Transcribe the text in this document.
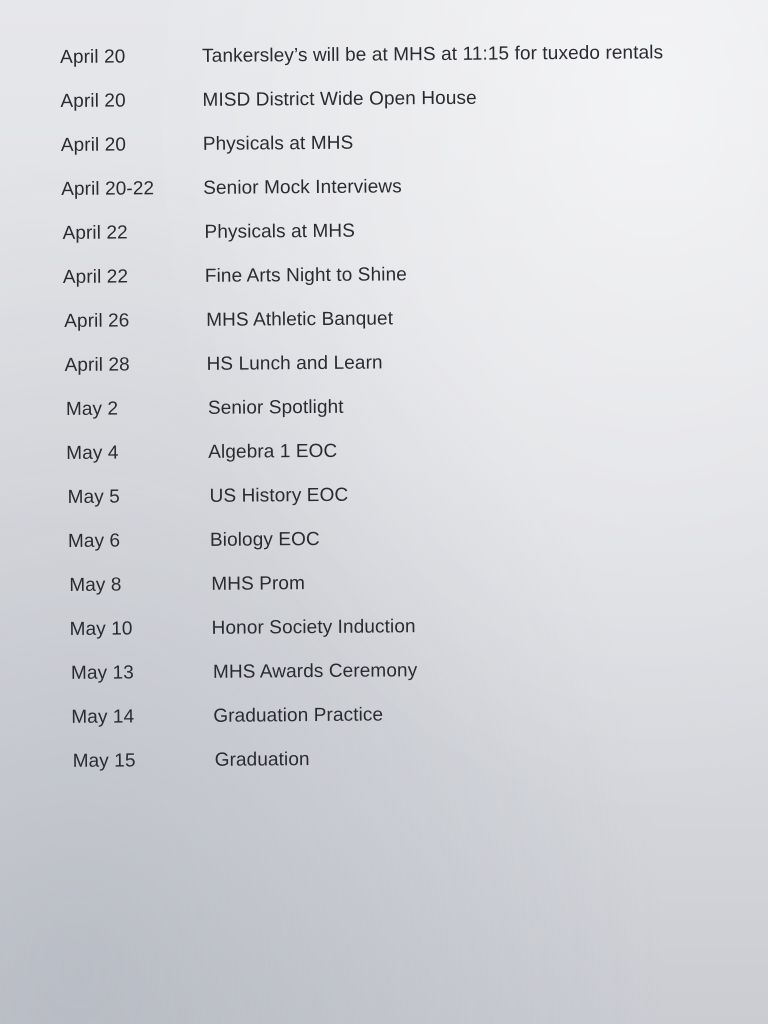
April 20	Tankersley’s will be at MHS at 11:15 for tuxedo rentals
April 20	MISD District Wide Open House
April 20	Physicals at MHS
April 20-22	Senior Mock Interviews
April 22	Physicals at MHS
April 22	Fine Arts Night to Shine
April 26	MHS Athletic Banquet
April 28	HS Lunch and Learn
May 2	Senior Spotlight
May 4	Algebra 1 EOC
May 5	US History EOC
May 6	Biology EOC
May 8	MHS Prom
May 10	Honor Society Induction
May 13	MHS Awards Ceremony
May 14	Graduation Practice
May 15	Graduation
